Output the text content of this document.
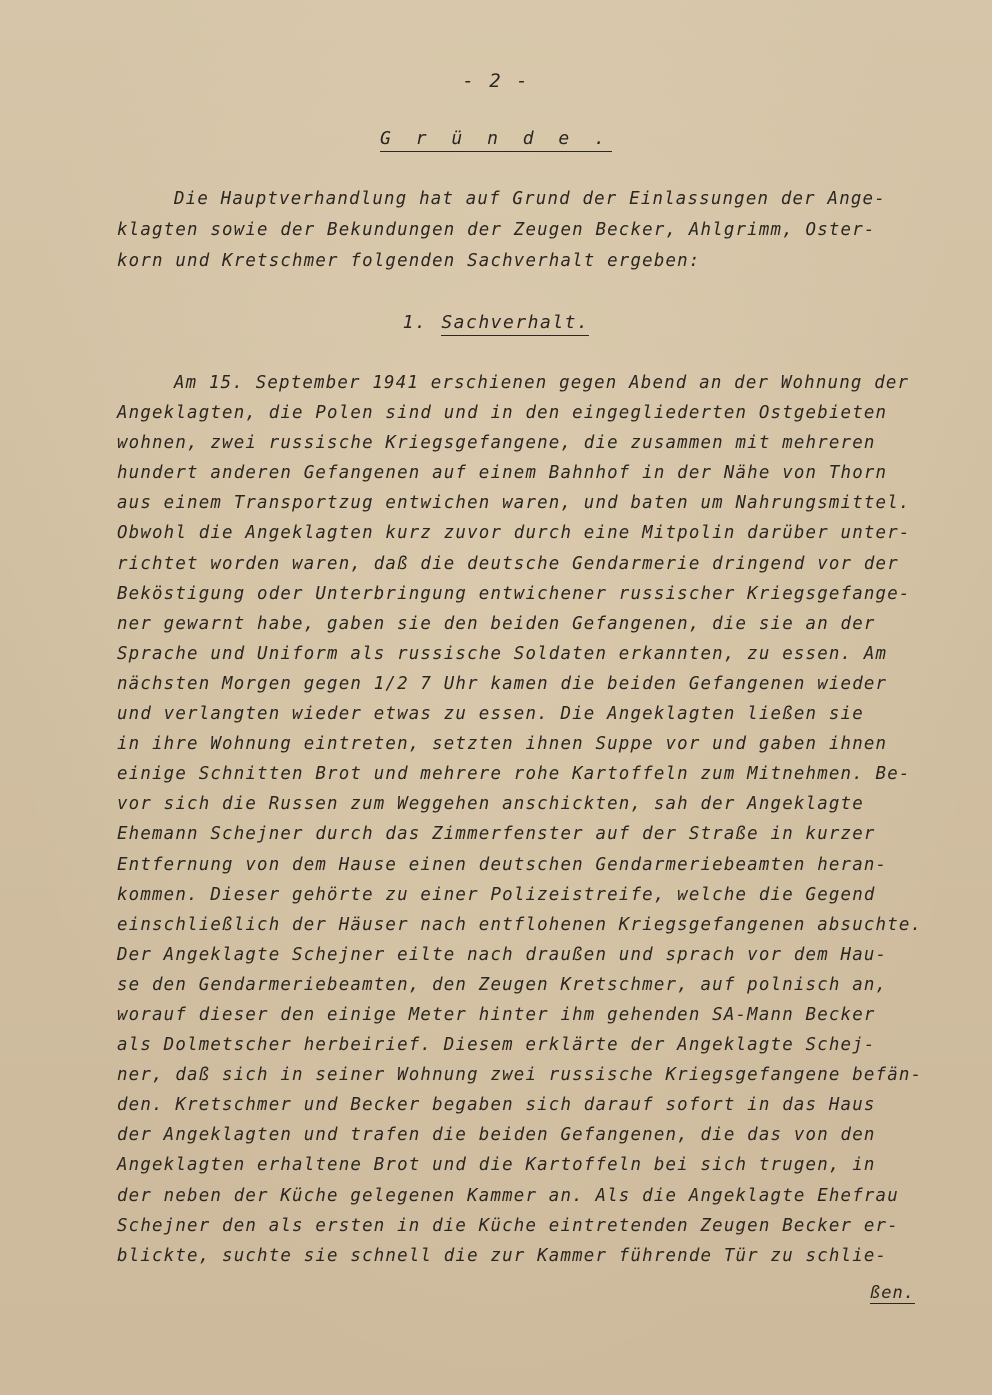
- 2 -
G r ü n d e .
Die Hauptverhandlung hat auf Grund der Einlassungen der Ange-
klagten sowie der Bekundungen der Zeugen Becker, Ahlgrimm, Oster-
korn und Kretschmer folgenden Sachverhalt ergeben:
1. Sachverhalt.
Am 15. September 1941 erschienen gegen Abend an der Wohnung der
Angeklagten, die Polen sind und in den eingegliederten Ostgebieten
wohnen, zwei russische Kriegsgefangene, die zusammen mit mehreren
hundert anderen Gefangenen auf einem Bahnhof in der Nähe von Thorn
aus einem Transportzug entwichen waren, und baten um Nahrungsmittel.
Obwohl die Angeklagten kurz zuvor durch eine Mitpolin darüber unter-
richtet worden waren, daß die deutsche Gendarmerie dringend vor der
Beköstigung oder Unterbringung entwichener russischer Kriegsgefange-
ner gewarnt habe, gaben sie den beiden Gefangenen, die sie an der
Sprache und Uniform als russische Soldaten erkannten, zu essen. Am
nächsten Morgen gegen 1/2 7 Uhr kamen die beiden Gefangenen wieder
und verlangten wieder etwas zu essen. Die Angeklagten ließen sie
in ihre Wohnung eintreten, setzten ihnen Suppe vor und gaben ihnen
einige Schnitten Brot und mehrere rohe Kartoffeln zum Mitnehmen. Be-
vor sich die Russen zum Weggehen anschickten, sah der Angeklagte
Ehemann Schejner durch das Zimmerfenster auf der Straße in kurzer
Entfernung von dem Hause einen deutschen Gendarmeriebeamten heran-
kommen. Dieser gehörte zu einer Polizeistreife, welche die Gegend
einschließlich der Häuser nach entflohenen Kriegsgefangenen absuchte.
Der Angeklagte Schejner eilte nach draußen und sprach vor dem Hau-
se den Gendarmeriebeamten, den Zeugen Kretschmer, auf polnisch an,
worauf dieser den einige Meter hinter ihm gehenden SA-Mann Becker
als Dolmetscher herbeirief. Diesem erklärte der Angeklagte Schej-
ner, daß sich in seiner Wohnung zwei russische Kriegsgefangene befän-
den. Kretschmer und Becker begaben sich darauf sofort in das Haus
der Angeklagten und trafen die beiden Gefangenen, die das von den
Angeklagten erhaltene Brot und die Kartoffeln bei sich trugen, in
der neben der Küche gelegenen Kammer an. Als die Angeklagte Ehefrau
Schejner den als ersten in die Küche eintretenden Zeugen Becker er-
blickte, suchte sie schnell die zur Kammer führende Tür zu schlie-
ßen.
